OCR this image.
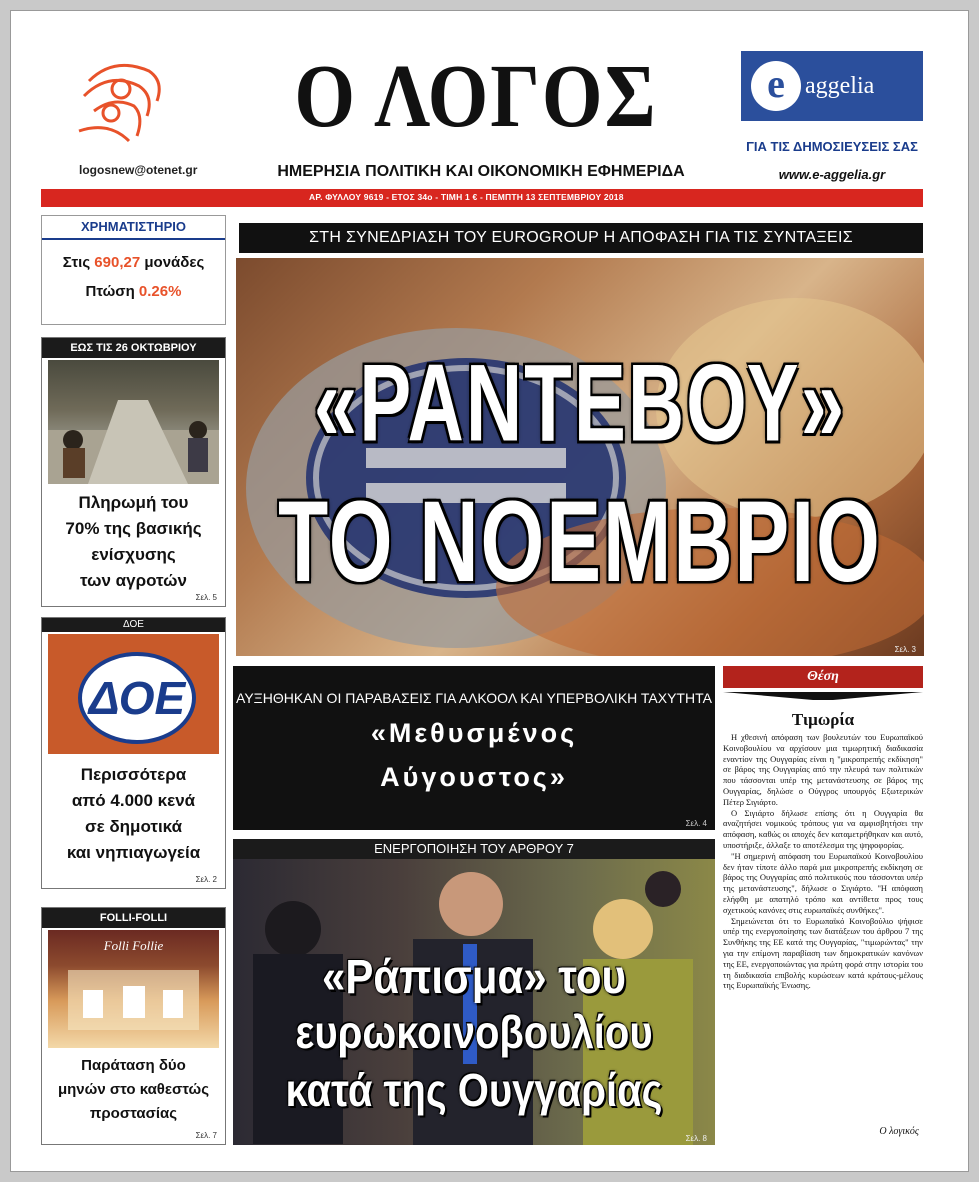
logosnew@otenet.gr
Ο ΛΟΓΟΣ
ΗΜΕΡΗΣΙΑ ΠΟΛΙΤΙΚΗ ΚΑΙ ΟΙΚΟΝΟΜΙΚΗ ΕΦΗΜΕΡΙΔΑ
e aggelia
ΓΙΑ ΤΙΣ ΔΗΜΟΣΙΕΥΣΕΙΣ ΣΑΣ
www.e-aggelia.gr
ΑΡ. ΦΥΛΛΟΥ 9619 - ΕΤΟΣ 34ο - ΤΙΜΗ 1 € - ΠΕΜΠΤΗ 13 ΣΕΠΤΕΜΒΡΙΟΥ 2018
ΧΡΗΜΑΤΙΣΤΗΡΙΟ
Στις 690,27 μονάδες
Πτώση 0.26%
ΕΩΣ ΤΙΣ 26 ΟΚΤΩΒΡΙΟΥ
Πληρωμή του
70% της βασικής
ενίσχυσης
των αγροτών
Σελ. 5
ΔΟΕ
ΔΟΕ
Περισσότερα
από 4.000 κενά
σε δημοτικά
και νηπιαγωγεία
Σελ. 2
FOLLI-FOLLI
Folli Follie
Παράταση δύο
μηνών στο καθεστώς
προστασίας
Σελ. 7
ΣΤΗ ΣΥΝΕΔΡΙΑΣΗ ΤΟΥ EUROGROUP Η ΑΠΟΦΑΣΗ ΓΙΑ ΤΙΣ ΣΥΝΤΑΞΕΙΣ
«ΡΑΝΤΕΒΟΥ»
ΤΟ ΝΟΕΜΒΡΙΟ
Σελ. 3
ΑΥΞΗΘΗΚΑΝ ΟΙ ΠΑΡΑΒΑΣΕΙΣ ΓΙΑ ΑΛΚΟΟΛ ΚΑΙ ΥΠΕΡΒΟΛΙΚΗ ΤΑΧΥΤΗΤΑ
«Μεθυσμένος
Αύγουστος»
Σελ. 4
ΕΝΕΡΓΟΠΟΙΗΣΗ ΤΟΥ ΑΡΘΡΟΥ 7
«Ράπισμα» του
ευρωκοινοβουλίου
κατά της Ουγγαρίας
Σελ. 8
Θέση
Τιμωρία

Η χθεσινή απόφαση των βουλευτών του Ευρωπαϊκού Κοινοβουλίου να αρχίσουν μια τιμωρητική διαδικασία εναντίον της Ουγγαρίας είναι η "μικροπρεπής εκδίκηση" σε βάρος της Ουγγαρίας από την πλευρά των πολιτικών που τάσσονται υπέρ της μετανάστευσης σε βάρος της Ουγγαρίας, δηλώσε ο Ούγγρος υπουργός Εξωτερικών Πέτερ Σιγιάρτο.

Ο Σιγιάρτο δήλωσε επίσης ότι η Ουγγαρία θα αναζητήσει νομικούς τρόπους για να αμφισβητήσει την απόφαση, καθώς οι αποχές δεν καταμετρήθηκαν και αυτό, υποστήριξε, άλλαξε το αποτέλεσμα της ψηφοφορίας.

"Η σημερινή απόφαση του Ευρωπαϊκού Κοινοβουλίου δεν ήταν τίποτε άλλο παρά μια μικροπρεπής εκδίκηση σε βάρος της Ουγγαρίας από πολιτικούς που τάσσονται υπέρ της μετανάστευσης", δήλωσε ο Σιγιάρτο. "Η απόφαση ελήφθη με απατηλό τρόπο και αντίθετα προς τους σχετικούς κανόνες στις ευρωπαϊκές συνθήκες".

Σημειώνεται ότι το Ευρωπαϊκό Κοινοβούλιο ψήφισε υπέρ της ενεργοποίησης των διατάξεων του άρθρου 7 της Συνθήκης της ΕΕ κατά της Ουγγαρίας, "τιμωρώντας" την για την επίμονη παραβίαση των δημοκρατικών κανόνων της ΕΕ, ενεργοποιώντας για πρώτη φορά στην ιστορία του τη διαδικασία επιβολής κυρώσεων κατά κράτους-μέλους της Ευρωπαϊκής Ένωσης.

Ο λογικός
